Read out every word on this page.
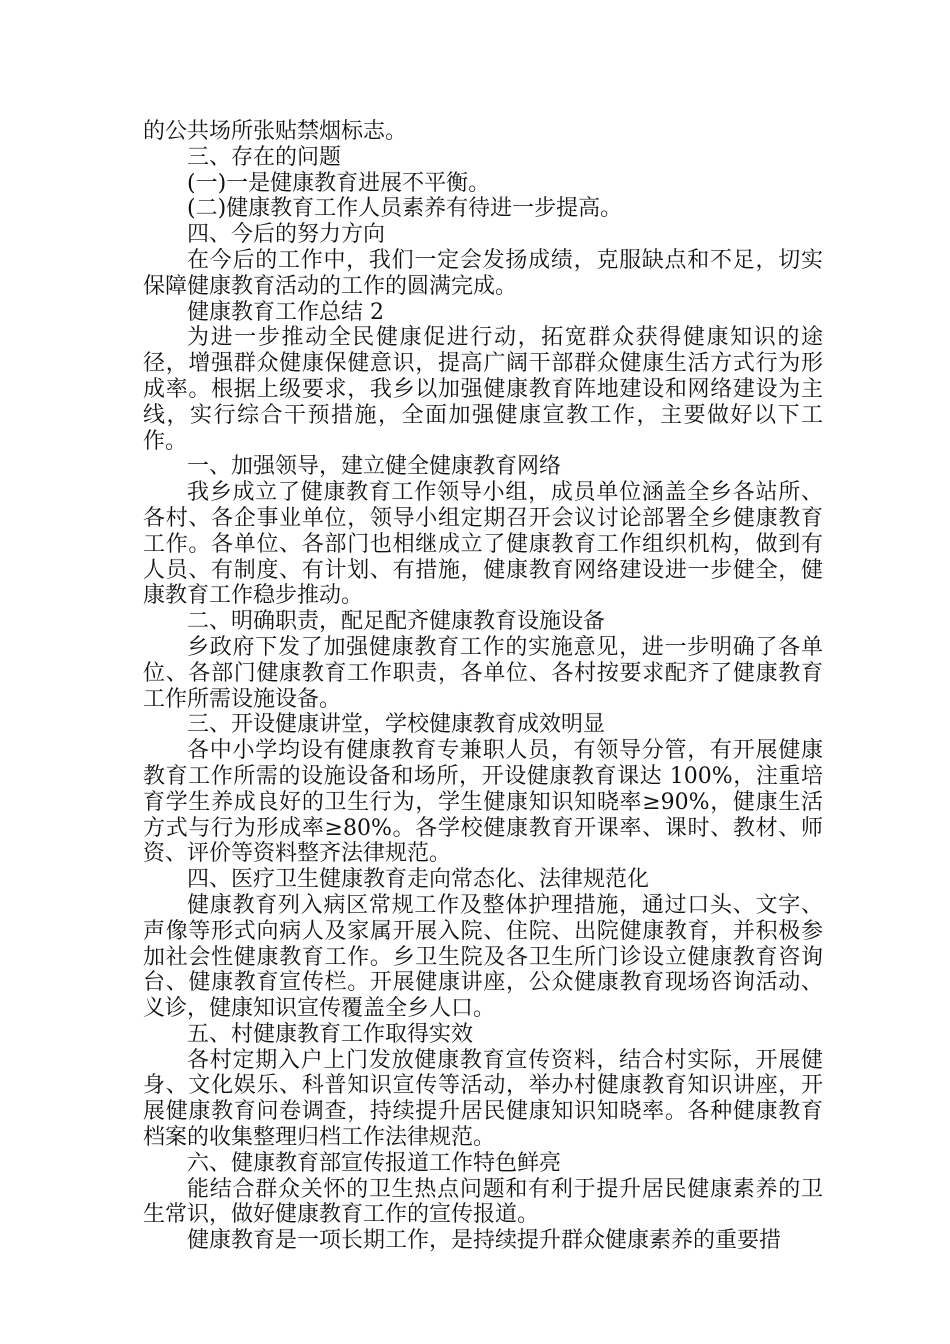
的公共场所张贴禁烟标志。

三、存在的问题

(一)一是健康教育进展不平衡。

(二)健康教育工作人员素养有待进一步提高。

四、今后的努力方向

在今后的工作中，我们一定会发扬成绩，克服缺点和不足，切实保障健康教育活动的工作的圆满完成。

健康教育工作总结 2

为进一步推动全民健康促进行动，拓宽群众获得健康知识的途径，增强群众健康保健意识，提高广阔干部群众健康生活方式行为形成率。根据上级要求，我乡以加强健康教育阵地建设和网络建设为主线，实行综合干预措施，全面加强健康宣教工作，主要做好以下工作。

一、加强领导，建立健全健康教育网络

我乡成立了健康教育工作领导小组，成员单位涵盖全乡各站所、各村、各企事业单位，领导小组定期召开会议讨论部署全乡健康教育工作。各单位、各部门也相继成立了健康教育工作组织机构，做到有人员、有制度、有计划、有措施，健康教育网络建设进一步健全，健康教育工作稳步推动。

二、明确职责，配足配齐健康教育设施设备

乡政府下发了加强健康教育工作的实施意见，进一步明确了各单位、各部门健康教育工作职责，各单位、各村按要求配齐了健康教育工作所需设施设备。

三、开设健康讲堂，学校健康教育成效明显

各中小学均设有健康教育专兼职人员，有领导分管，有开展健康教育工作所需的设施设备和场所，开设健康教育课达 100%，注重培育学生养成良好的卫生行为，学生健康知识知晓率≥90%，健康生活方式与行为形成率≥80%。各学校健康教育开课率、课时、教材、师资、评价等资料整齐法律规范。

四、医疗卫生健康教育走向常态化、法律规范化

健康教育列入病区常规工作及整体护理措施，通过口头、文字、声像等形式向病人及家属开展入院、住院、出院健康教育，并积极参加社会性健康教育工作。乡卫生院及各卫生所门诊设立健康教育咨询台、健康教育宣传栏。开展健康讲座，公众健康教育现场咨询活动、义诊，健康知识宣传覆盖全乡人口。

五、村健康教育工作取得实效

各村定期入户上门发放健康教育宣传资料，结合村实际，开展健身、文化娱乐、科普知识宣传等活动，举办村健康教育知识讲座，开展健康教育问卷调查，持续提升居民健康知识知晓率。各种健康教育档案的收集整理归档工作法律规范。

六、健康教育部宣传报道工作特色鲜亮

能结合群众关怀的卫生热点问题和有利于提升居民健康素养的卫生常识，做好健康教育工作的宣传报道。

健康教育是一项长期工作，是持续提升群众健康素养的重要措
